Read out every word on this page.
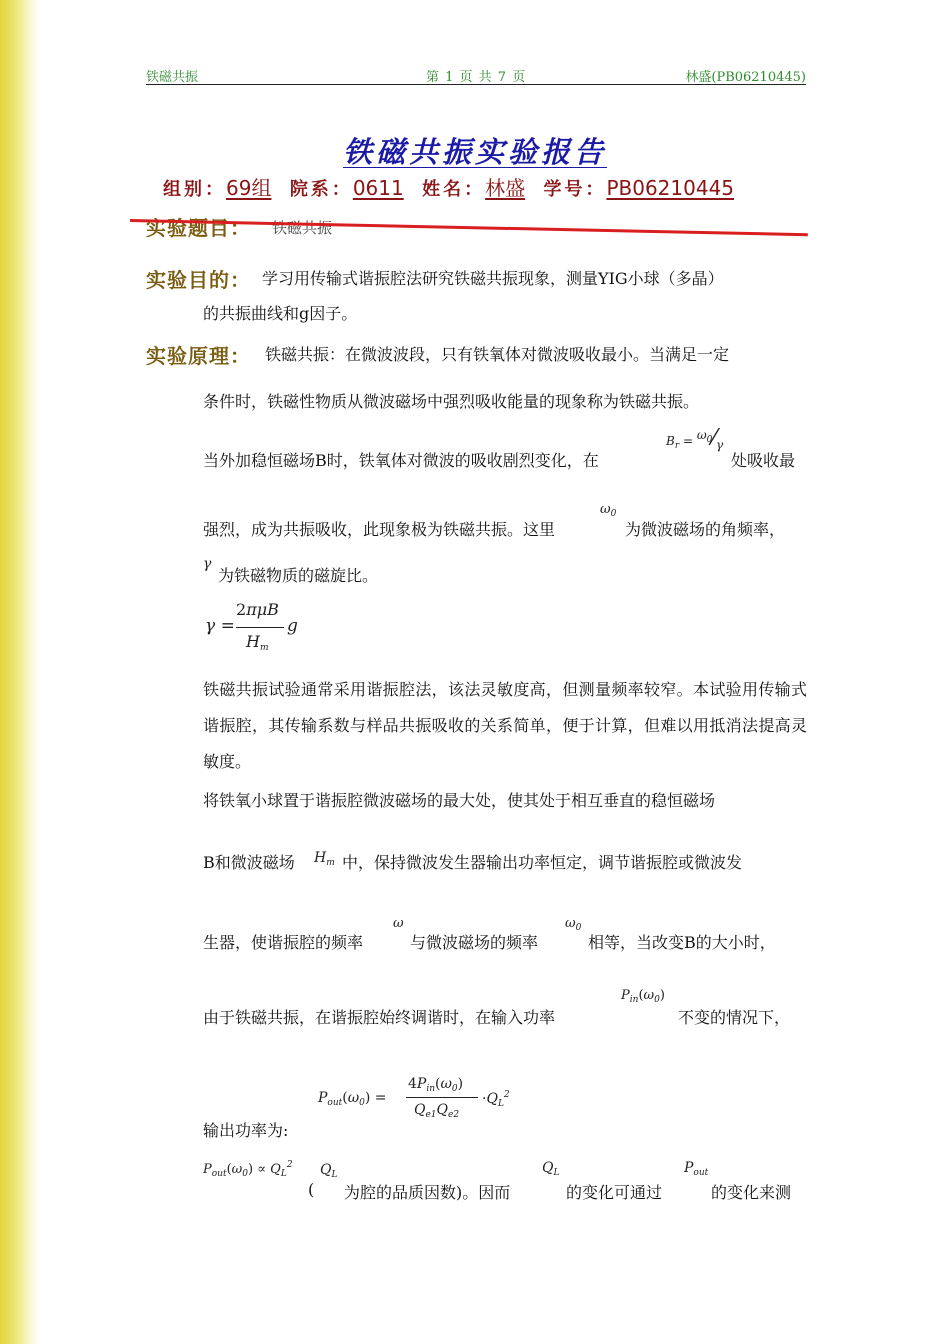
铁磁共振	第 1 页 共 7 页	林盛(PB06210445)
铁磁共振实验报告
组别：69组 院系：0611 姓名：林盛 学号：PB06210445
实验题目： 铁磁共振
实验目的： 学习用传输式谐振腔法研究铁磁共振现象，测量YIG小球（多晶）
的共振曲线和g因子。
实验原理： 铁磁共振：在微波波段，只有铁氧体对微波吸收最小。当满足一定
条件时，铁磁性物质从微波磁场中强烈吸收能量的现象称为铁磁共振。
当外加稳恒磁场B时，铁氧体对微波的吸收剧烈变化，在
$B_r$ = $\omega_0⁄\gamma$
处吸收最
强烈，成为共振吸收，此现象极为铁磁共振。这里
$\omega_0$
为微波磁场的角频率，
γ
为铁磁物质的磁旋比。
γ =
2πμB
$H_m$
g
铁磁共振试验通常采用谐振腔法，该法灵敏度高，但测量频率较窄。本试验用传输式谐振腔，其传输系数与样品共振吸收的关系简单，便于计算，但难以用抵消法提高灵敏度。
将铁氧小球置于谐振腔微波磁场的最大处，使其处于相互垂直的稳恒磁场
B和微波磁场 $H_m$ 中，保持微波发生器输出功率恒定，调节谐振腔或微波发
生器，使谐振腔的频率
ω
与微波磁场的频率
$\omega_0$
相等，当改变B的大小时，
由于铁磁共振，在谐振腔始终调谐时，在输入功率
$P_{in}(\omega_0)$
不变的情况下，
$P_{out}(\omega_0)$ =
$4P_{in}(\omega_0)$
$Q_{e1}Q_{e2}$
$\cdot Q_L^2$
输出功率为:
$P_{out}(\omega_0) \propto Q_L^2$
(
$Q_L$
为腔的品质因数)。因而
$Q_L$
的变化可通过
$P_{out}$
的变化来测
